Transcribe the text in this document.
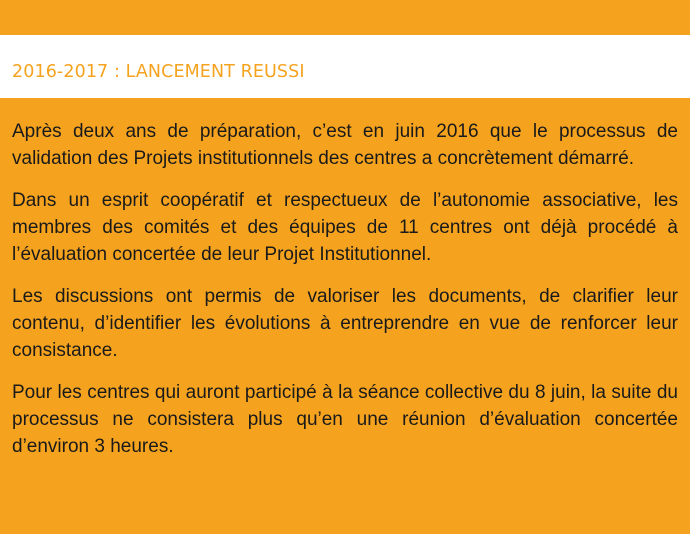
2016-2017 : LANCEMENT REUSSI

Après deux ans de préparation, c’est en juin 2016 que le processus de validation des Projets institutionnels des centres a concrètement démarré.

Dans un esprit coopératif et respectueux de l’autonomie associative, les membres des comités et des équipes de 11 centres ont déjà procédé à l’évaluation concertée de leur Projet Institutionnel.

Les discussions ont permis de valoriser les documents, de clarifier leur contenu, d’identifier les évolutions à entreprendre en vue de renforcer leur consistance.

Pour les centres qui auront participé à la séance collective du 8 juin, la suite du processus ne consistera plus qu’en une réunion d’évaluation concertée d’environ 3 heures.
